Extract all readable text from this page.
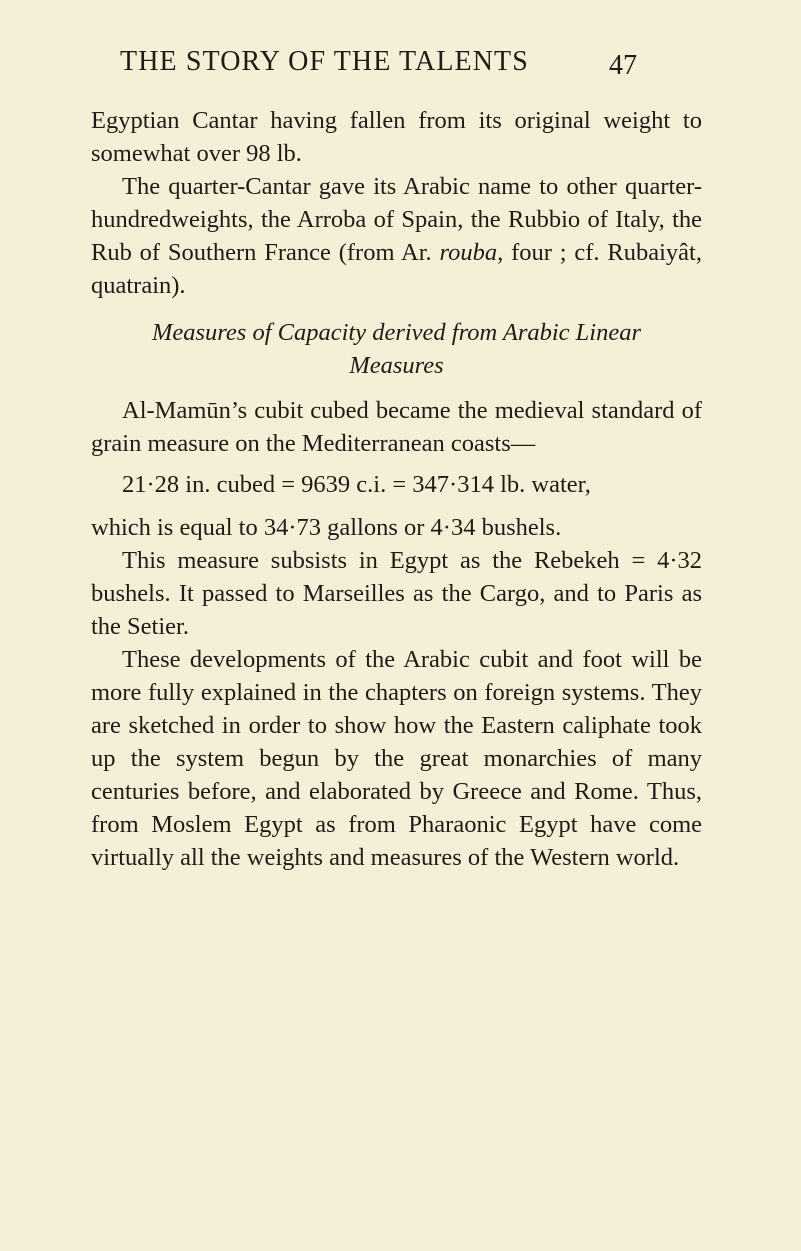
THE STORY OF THE TALENTS	47

Egyptian Cantar having fallen from its original weight to somewhat over 98 lb.

The quarter-Cantar gave its Arabic name to other quarter-hundredweights, the Arroba of Spain, the Rubbio of Italy, the Rub of Southern France (from Ar. rouba, four ; cf. Rubaiyât, quatrain).

Measures of Capacity derived from Arabic Linear
Measures

Al-Mamūn’s cubit cubed became the medieval standard of grain measure on the Mediterranean coasts—

21·28 in. cubed = 9639 c.i. = 347·314 lb. water,

which is equal to 34·73 gallons or 4·34 bushels.

This measure subsists in Egypt as the Rebekeh = 4·32 bushels. It passed to Marseilles as the Cargo, and to Paris as the Setier.

These developments of the Arabic cubit and foot will be more fully explained in the chapters on foreign systems. They are sketched in order to show how the Eastern caliphate took up the system begun by the great monarchies of many centuries before, and elaborated by Greece and Rome. Thus, from Moslem Egypt as from Pharaonic Egypt have come virtually all the weights and measures of the Western world.
